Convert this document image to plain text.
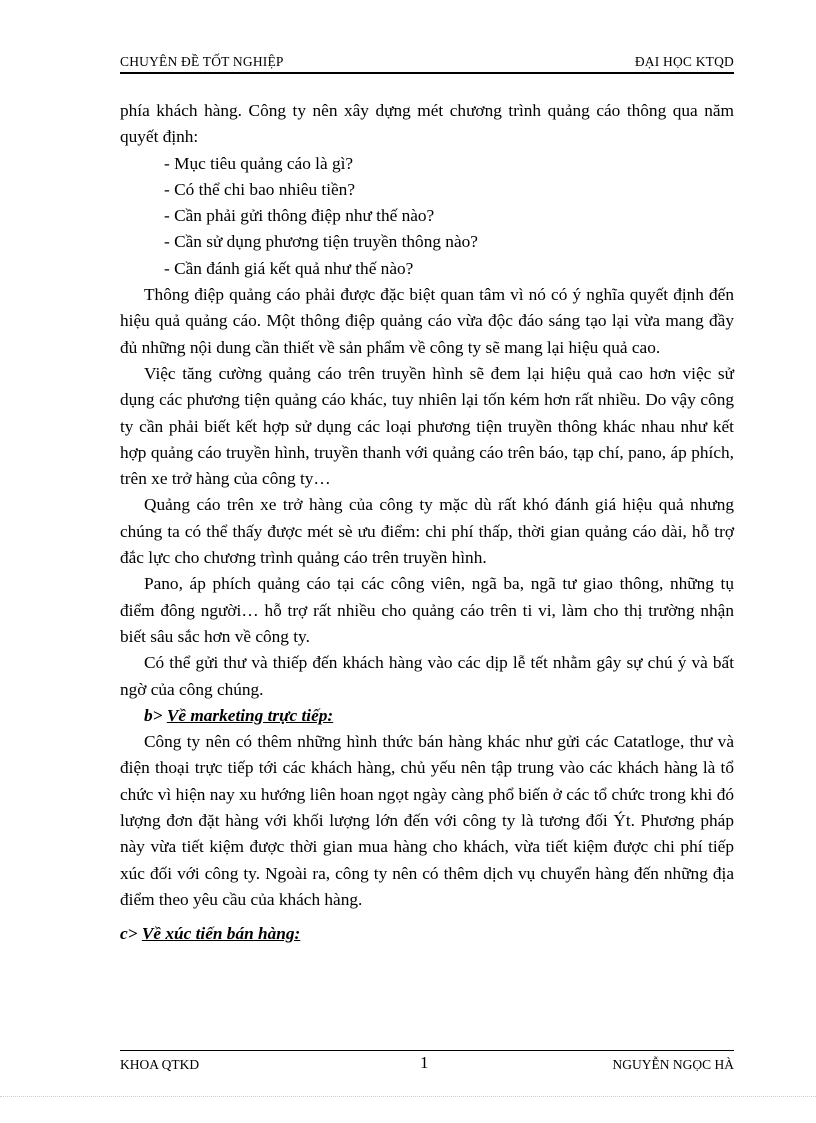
CHUYÊN ĐỀ TỐT NGHIỆP	ĐẠI HỌC KTQD

phía khách hàng. Công ty nên xây dựng mét chương trình quảng cáo thông qua năm quyết định:

- Mục tiêu quảng cáo là gì?

- Có thể chi bao nhiêu tiền?

- Cần phải gửi thông điệp như thế nào?

- Cần sử dụng phương tiện truyền thông nào?

- Cần đánh giá kết quả như thế nào?

Thông điệp quảng cáo phải được đặc biệt quan tâm vì nó có ý nghĩa quyết định đến hiệu quả quảng cáo. Một thông điệp quảng cáo vừa độc đáo sáng tạo lại vừa mang đầy đủ những nội dung cần thiết về sản phẩm về công ty sẽ mang lại hiệu quả cao.

Việc tăng cường quảng cáo trên truyền hình sẽ đem lại hiệu quả cao hơn việc sử dụng các phương tiện quảng cáo khác, tuy nhiên lại tốn kém hơn rất nhiều. Do vậy công ty cần phải biết kết hợp sử dụng các loại phương tiện truyền thông khác nhau như kết hợp quảng cáo truyền hình, truyền thanh với quảng cáo trên báo, tạp chí, pano, áp phích, trên xe trở hàng của công ty…

Quảng cáo trên xe trở hàng của công ty mặc dù rất khó đánh giá hiệu quả nhưng chúng ta có thể thấy được mét sè ưu điểm: chi phí thấp, thời gian quảng cáo dài, hỗ trợ đắc lực cho chương trình quảng cáo trên truyền hình.

Pano, áp phích quảng cáo tại các công viên, ngã ba, ngã tư giao thông, những tụ điểm đông người… hỗ trợ rất nhiều cho quảng cáo trên ti vi, làm cho thị trường nhận biết sâu sắc hơn về công ty.

Có thể gửi thư và thiếp đến khách hàng vào các dịp lễ tết nhằm gây sự chú ý và bất ngờ của công chúng.

b> Về marketing trực tiếp:

Công ty nên có thêm những hình thức bán hàng khác như gửi các Catatloge, thư và điện thoại trực tiếp tới các khách hàng, chủ yếu nên tập trung vào các khách hàng là tổ chức vì hiện nay xu hướng liên hoan ngọt ngày càng phổ biến ở các tổ chức trong khi đó lượng đơn đặt hàng với khối lượng lớn đến với công ty là tương đối Ýt. Phương pháp này vừa tiết kiệm được thời gian mua hàng cho khách, vừa tiết kiệm được chi phí tiếp xúc đối với công ty. Ngoài ra, công ty nên có thêm dịch vụ chuyển hàng đến những địa điểm theo yêu cầu của khách hàng.

c> Về xúc tiến bán hàng:

KHOA QTKD	1	NGUYỄN NGỌC HÀ
